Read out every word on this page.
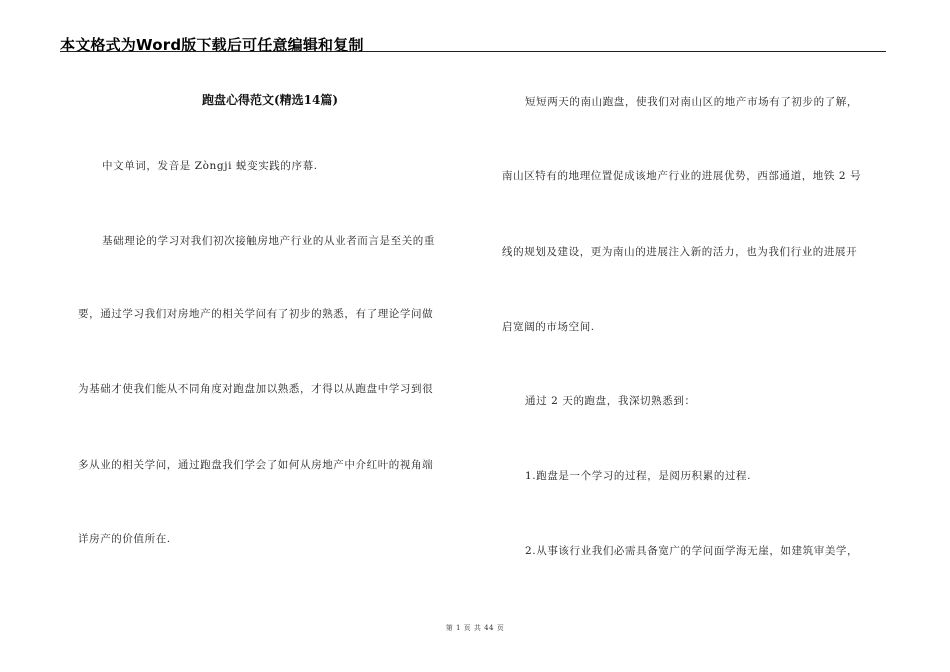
本文格式为Word版下载后可任意编辑和复制
跑盘心得范文(精选14篇)
中文单词，发音是 Zòngji 蜕变实践的序幕.
基础理论的学习对我们初次接触房地产行业的从业者而言是至关的重
要，通过学习我们对房地产的相关学问有了初步的熟悉，有了理论学问做
为基础才使我们能从不同角度对跑盘加以熟悉，才得以从跑盘中学习到很
多从业的相关学问，通过跑盘我们学会了如何从房地产中介红叶的视角端
详房产的价值所在.
短短两天的南山跑盘，使我们对南山区的地产市场有了初步的了解，
南山区特有的地理位置促成该地产行业的进展优势，西部通道，地铁 2 号
线的规划及建设，更为南山的进展注入新的活力，也为我们行业的进展开
启宽阔的市场空间.
通过 2 天的跑盘，我深切熟悉到：
1.跑盘是一个学习的过程，是阅历积累的过程.
2.从事该行业我们必需具备宽广的学问面学海无崖，如建筑审美学，
第 1 页 共 44 页
